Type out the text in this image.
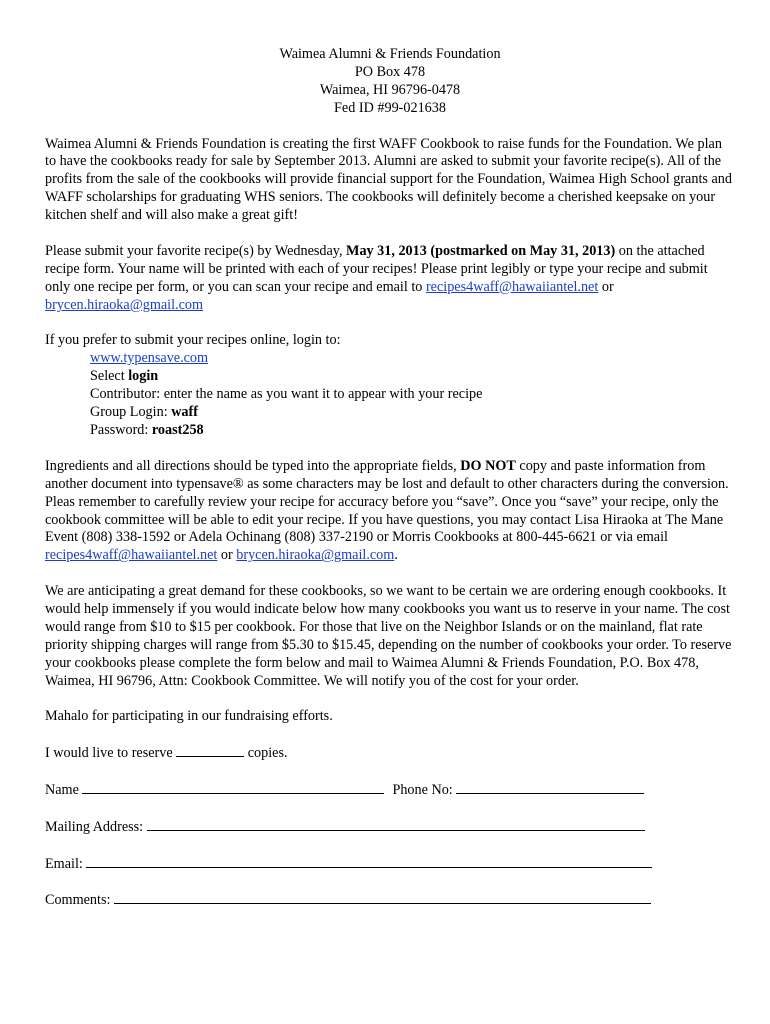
Waimea Alumni & Friends Foundation
PO Box 478
Waimea, HI 96796-0478
Fed ID #99-021638

Waimea Alumni & Friends Foundation is creating the first WAFF Cookbook to raise funds for the Foundation. We plan to have the cookbooks ready for sale by September 2013. Alumni are asked to submit your favorite recipe(s). All of the profits from the sale of the cookbooks will provide financial support for the Foundation, Waimea High School grants and WAFF scholarships for graduating WHS seniors. The cookbooks will definitely become a cherished keepsake on your kitchen shelf and will also make a great gift!

Please submit your favorite recipe(s) by Wednesday, May 31, 2013 (postmarked on May 31, 2013) on the attached recipe form. Your name will be printed with each of your recipes! Please print legibly or type your recipe and submit only one recipe per form, or you can scan your recipe and email to recipes4waff@hawaiiantel.net or brycen.hiraoka@gmail.com

If you prefer to submit your recipes online, login to:

www.typensave.com
Select login
Contributor: enter the name as you want it to appear with your recipe
Group Login: waff
Password: roast258

Ingredients and all directions should be typed into the appropriate fields, DO NOT copy and paste information from another document into typensave® as some characters may be lost and default to other characters during the conversion. Pleas remember to carefully review your recipe for accuracy before you “save”. Once you “save” your recipe, only the cookbook committee will be able to edit your recipe. If you have questions, you may contact Lisa Hiraoka at The Mane Event (808) 338-1592 or Adela Ochinang (808) 337-2190 or Morris Cookbooks at 800-445-6621 or via email recipes4waff@hawaiiantel.net or brycen.hiraoka@gmail.com.

We are anticipating a great demand for these cookbooks, so we want to be certain we are ordering enough cookbooks. It would help immensely if you would indicate below how many cookbooks you want us to reserve in your name. The cost would range from $10 to $15 per cookbook. For those that live on the Neighbor Islands or on the mainland, flat rate priority shipping charges will range from $5.30 to $15.45, depending on the number of cookbooks your order. To reserve your cookbooks please complete the form below and mail to Waimea Alumni & Friends Foundation, P.O. Box 478, Waimea, HI 96796, Attn: Cookbook Committee. We will notify you of the cost for your order.

Mahalo for participating in our fundraising efforts.

I would live to reserve	copies.
Name	Phone No:
Mailing Address:
Email:
Comments:
